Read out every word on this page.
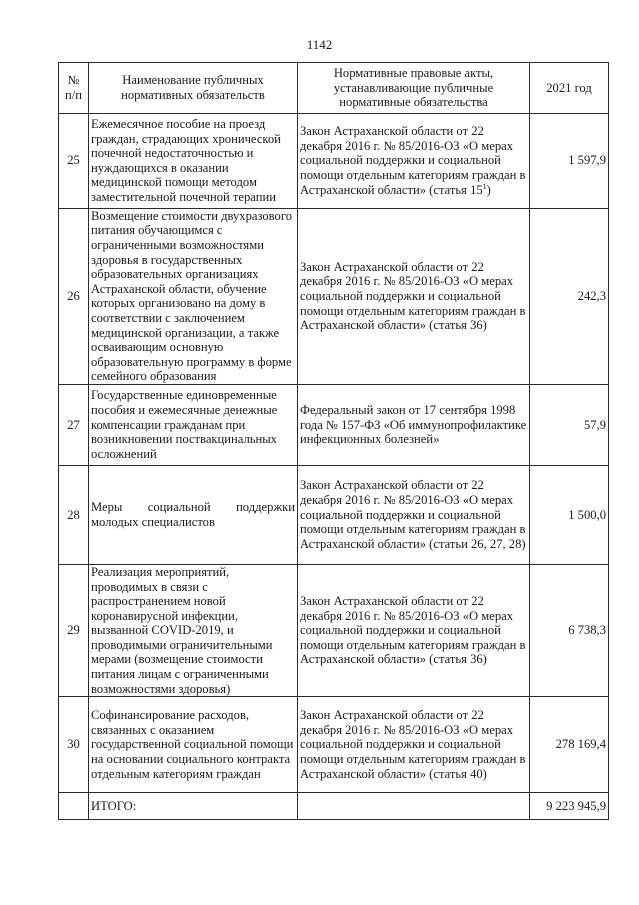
1142
№
п/п	Наименование публичных нормативных обязательств	Нормативные правовые акты, устанавливающие публичные нормативные обязательства	2021 год
25	Ежемесячное пособие на проезд граждан, страдающих хронической почечной недостаточностью и нуждающихся в оказании медицинской помощи методом заместительной почечной терапии	Закон Астраханской области от 22 декабря 2016 г. № 85/2016-ОЗ «О мерах социальной поддержки и социальной помощи отдельным категориям граждан в Астраханской области» (статья $15^1$)	1 597,9
26	Возмещение стоимости двухразового питания обучающимся с ограниченными возможностями здоровья в государственных образовательных организациях Астраханской области, обучение которых организовано на дому в соответствии с заключением медицинской организации, а также осваивающим основную образовательную программу в форме семейного образования	Закон Астраханской области от 22 декабря 2016 г. № 85/2016-ОЗ «О мерах социальной поддержки и социальной помощи отдельным категориям граждан в Астраханской области» (статья 36)	242,3
27	Государственные единовременные пособия и ежемесячные денежные компенсации гражданам при возникновении поствакцинальных осложнений	Федеральный закон от 17 сентября 1998 года № 157-ФЗ «Об иммунопрофилактике инфекционных болезней»	57,9
28	Меры социальной поддержки молодых специалистов	Закон Астраханской области от 22 декабря 2016 г. № 85/2016-ОЗ «О мерах социальной поддержки и социальной помощи отдельным категориям граждан в Астраханской области» (статьи 26, 27, 28)	1 500,0
29	Реализация мероприятий, проводимых в связи с распространением новой коронавирусной инфекции, вызванной COVID-2019, и проводимыми ограничительными мерами (возмещение стоимости питания лицам с ограниченными возможностями здоровья)	Закон Астраханской области от 22 декабря 2016 г. № 85/2016-ОЗ «О мерах социальной поддержки и социальной помощи отдельным категориям граждан в Астраханской области» (статья 36)	6 738,3
30	Софинансирование расходов, связанных с оказанием государственной социальной помощи на основании социального контракта отдельным категориям граждан	Закон Астраханской области от 22 декабря 2016 г. № 85/2016-ОЗ «О мерах социальной поддержки и социальной помощи отдельным категориям граждан в Астраханской области» (статья 40)	278 169,4
	ИТОГО:		9 223 945,9
